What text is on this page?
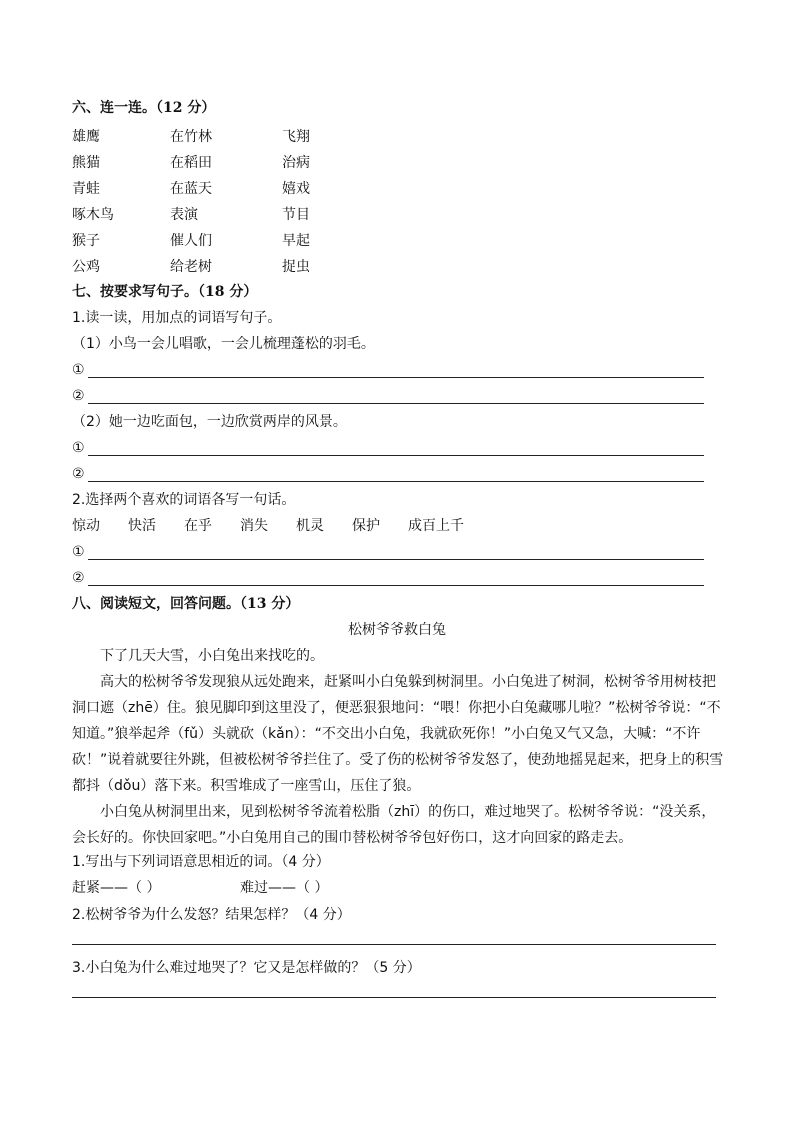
六、连一连。（12 分）
雄鹰	在竹林	飞翔
熊猫	在稻田	治病
青蛙	在蓝天	嬉戏
啄木鸟	表演	节目
猴子	催人们	早起
公鸡	给老树	捉虫
七、按要求写句子。（18 分）
1.读一读，用加点的词语写句子。
（1）小鸟一会儿唱歌，一会儿梳理蓬松的羽毛。
①
②
（2）她一边吃面包，一边欣赏两岸的风景。
①
②
2.选择两个喜欢的词语各写一句话。
惊动 快活 在乎 消失 机灵 保护 成百上千
①
②
八、阅读短文，回答问题。（13 分）
松树爷爷救白兔

下了几天大雪，小白兔出来找吃的。

高大的松树爷爷发现狼从远处跑来，赶紧叫小白兔躲到树洞里。小白兔进了树洞，松树爷爷用树枝把洞口遮（zhē）住。狼见脚印到这里没了，便恶狠狠地问：“喂！你把小白兔藏哪儿啦？”松树爷爷说：“不知道。”狼举起斧（fǔ）头就砍（kǎn）：“不交出小白兔，我就砍死你！”小白兔又气又急，大喊：“不许砍！”说着就要往外跳，但被松树爷爷拦住了。受了伤的松树爷爷发怒了，使劲地摇晃起来，把身上的积雪都抖（dǒu）落下来。积雪堆成了一座雪山，压住了狼。

小白兔从树洞里出来，见到松树爷爷流着松脂（zhī）的伤口，难过地哭了。松树爷爷说：“没关系，会长好的。你快回家吧。”小白兔用自己的围巾替松树爷爷包好伤口，这才向回家的路走去。

1.写出与下列词语意思相近的词。（4 分）
赶紧——（ ）	难过——（ ）
2.松树爷爷为什么发怒？结果怎样？（4 分）
3.小白兔为什么难过地哭了？它又是怎样做的？（5 分）
